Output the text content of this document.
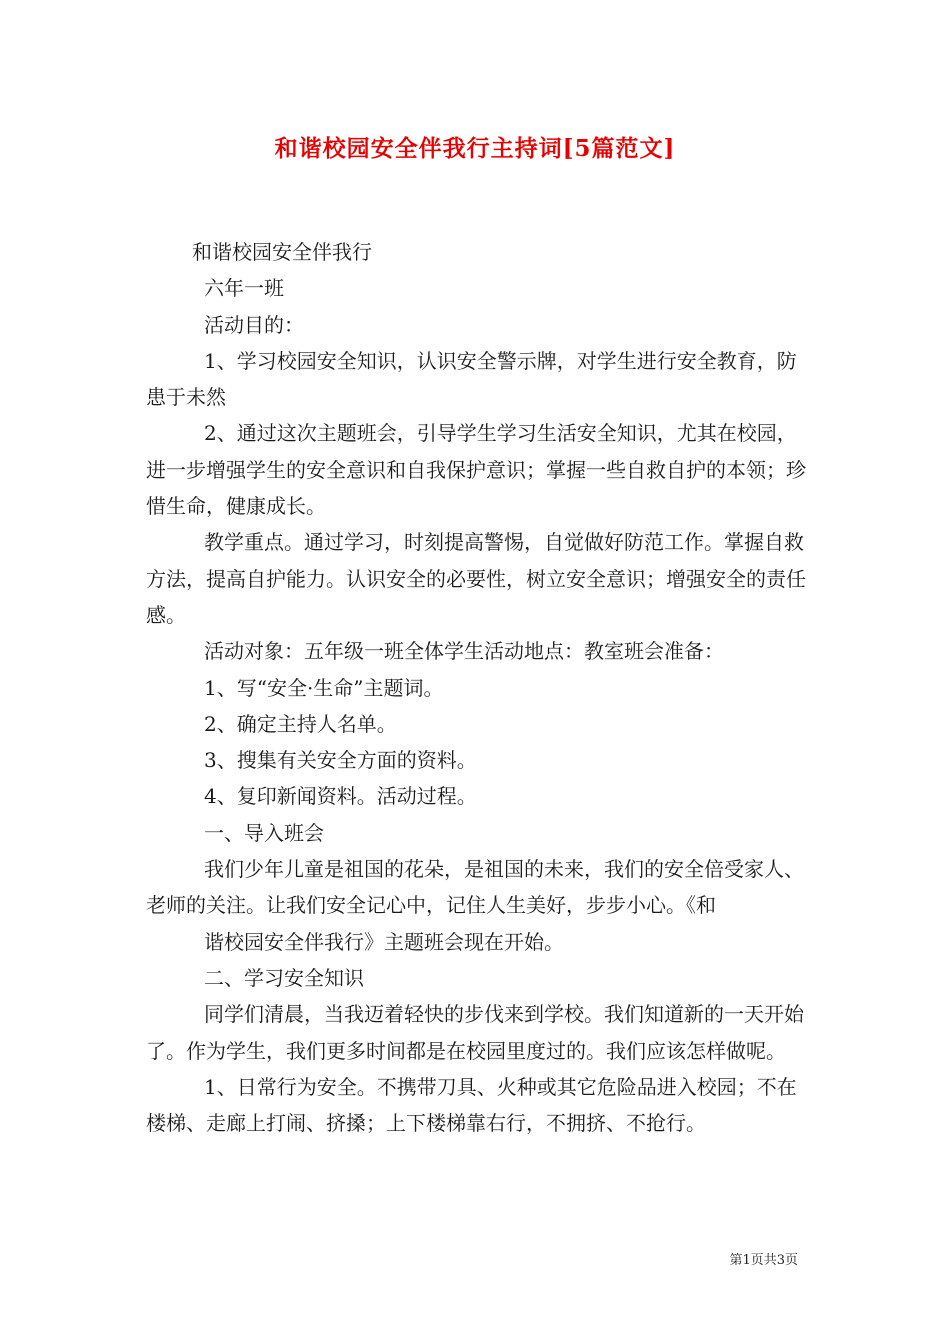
和谐校园安全伴我行主持词[5篇范文]

和谐校园安全伴我行

六年一班

活动目的：

1、学习校园安全知识，认识安全警示牌，对学生进行安全教育，防患于未然

2、通过这次主题班会，引导学生学习生活安全知识，尤其在校园，进一步增强学生的安全意识和自我保护意识；掌握一些自救自护的本领；珍惜生命，健康成长。

教学重点。通过学习，时刻提高警惕，自觉做好防范工作。掌握自救方法，提高自护能力。认识安全的必要性，树立安全意识；增强安全的责任感。

活动对象：五年级一班全体学生活动地点：教室班会准备：

1、写“安全·生命”主题词。

2、确定主持人名单。

3、搜集有关安全方面的资料。

4、复印新闻资料。活动过程。

一、导入班会

我们少年儿童是祖国的花朵，是祖国的未来，我们的安全倍受家人、老师的关注。让我们安全记心中，记住人生美好，步步小心。《和

谐校园安全伴我行》主题班会现在开始。

二、学习安全知识

同学们清晨，当我迈着轻快的步伐来到学校。我们知道新的一天开始了。作为学生，我们更多时间都是在校园里度过的。我们应该怎样做呢。

1、日常行为安全。不携带刀具、火种或其它危险品进入校园；不在楼梯、走廊上打闹、挤搡；上下楼梯靠右行，不拥挤、不抢行。

第1页共3页
